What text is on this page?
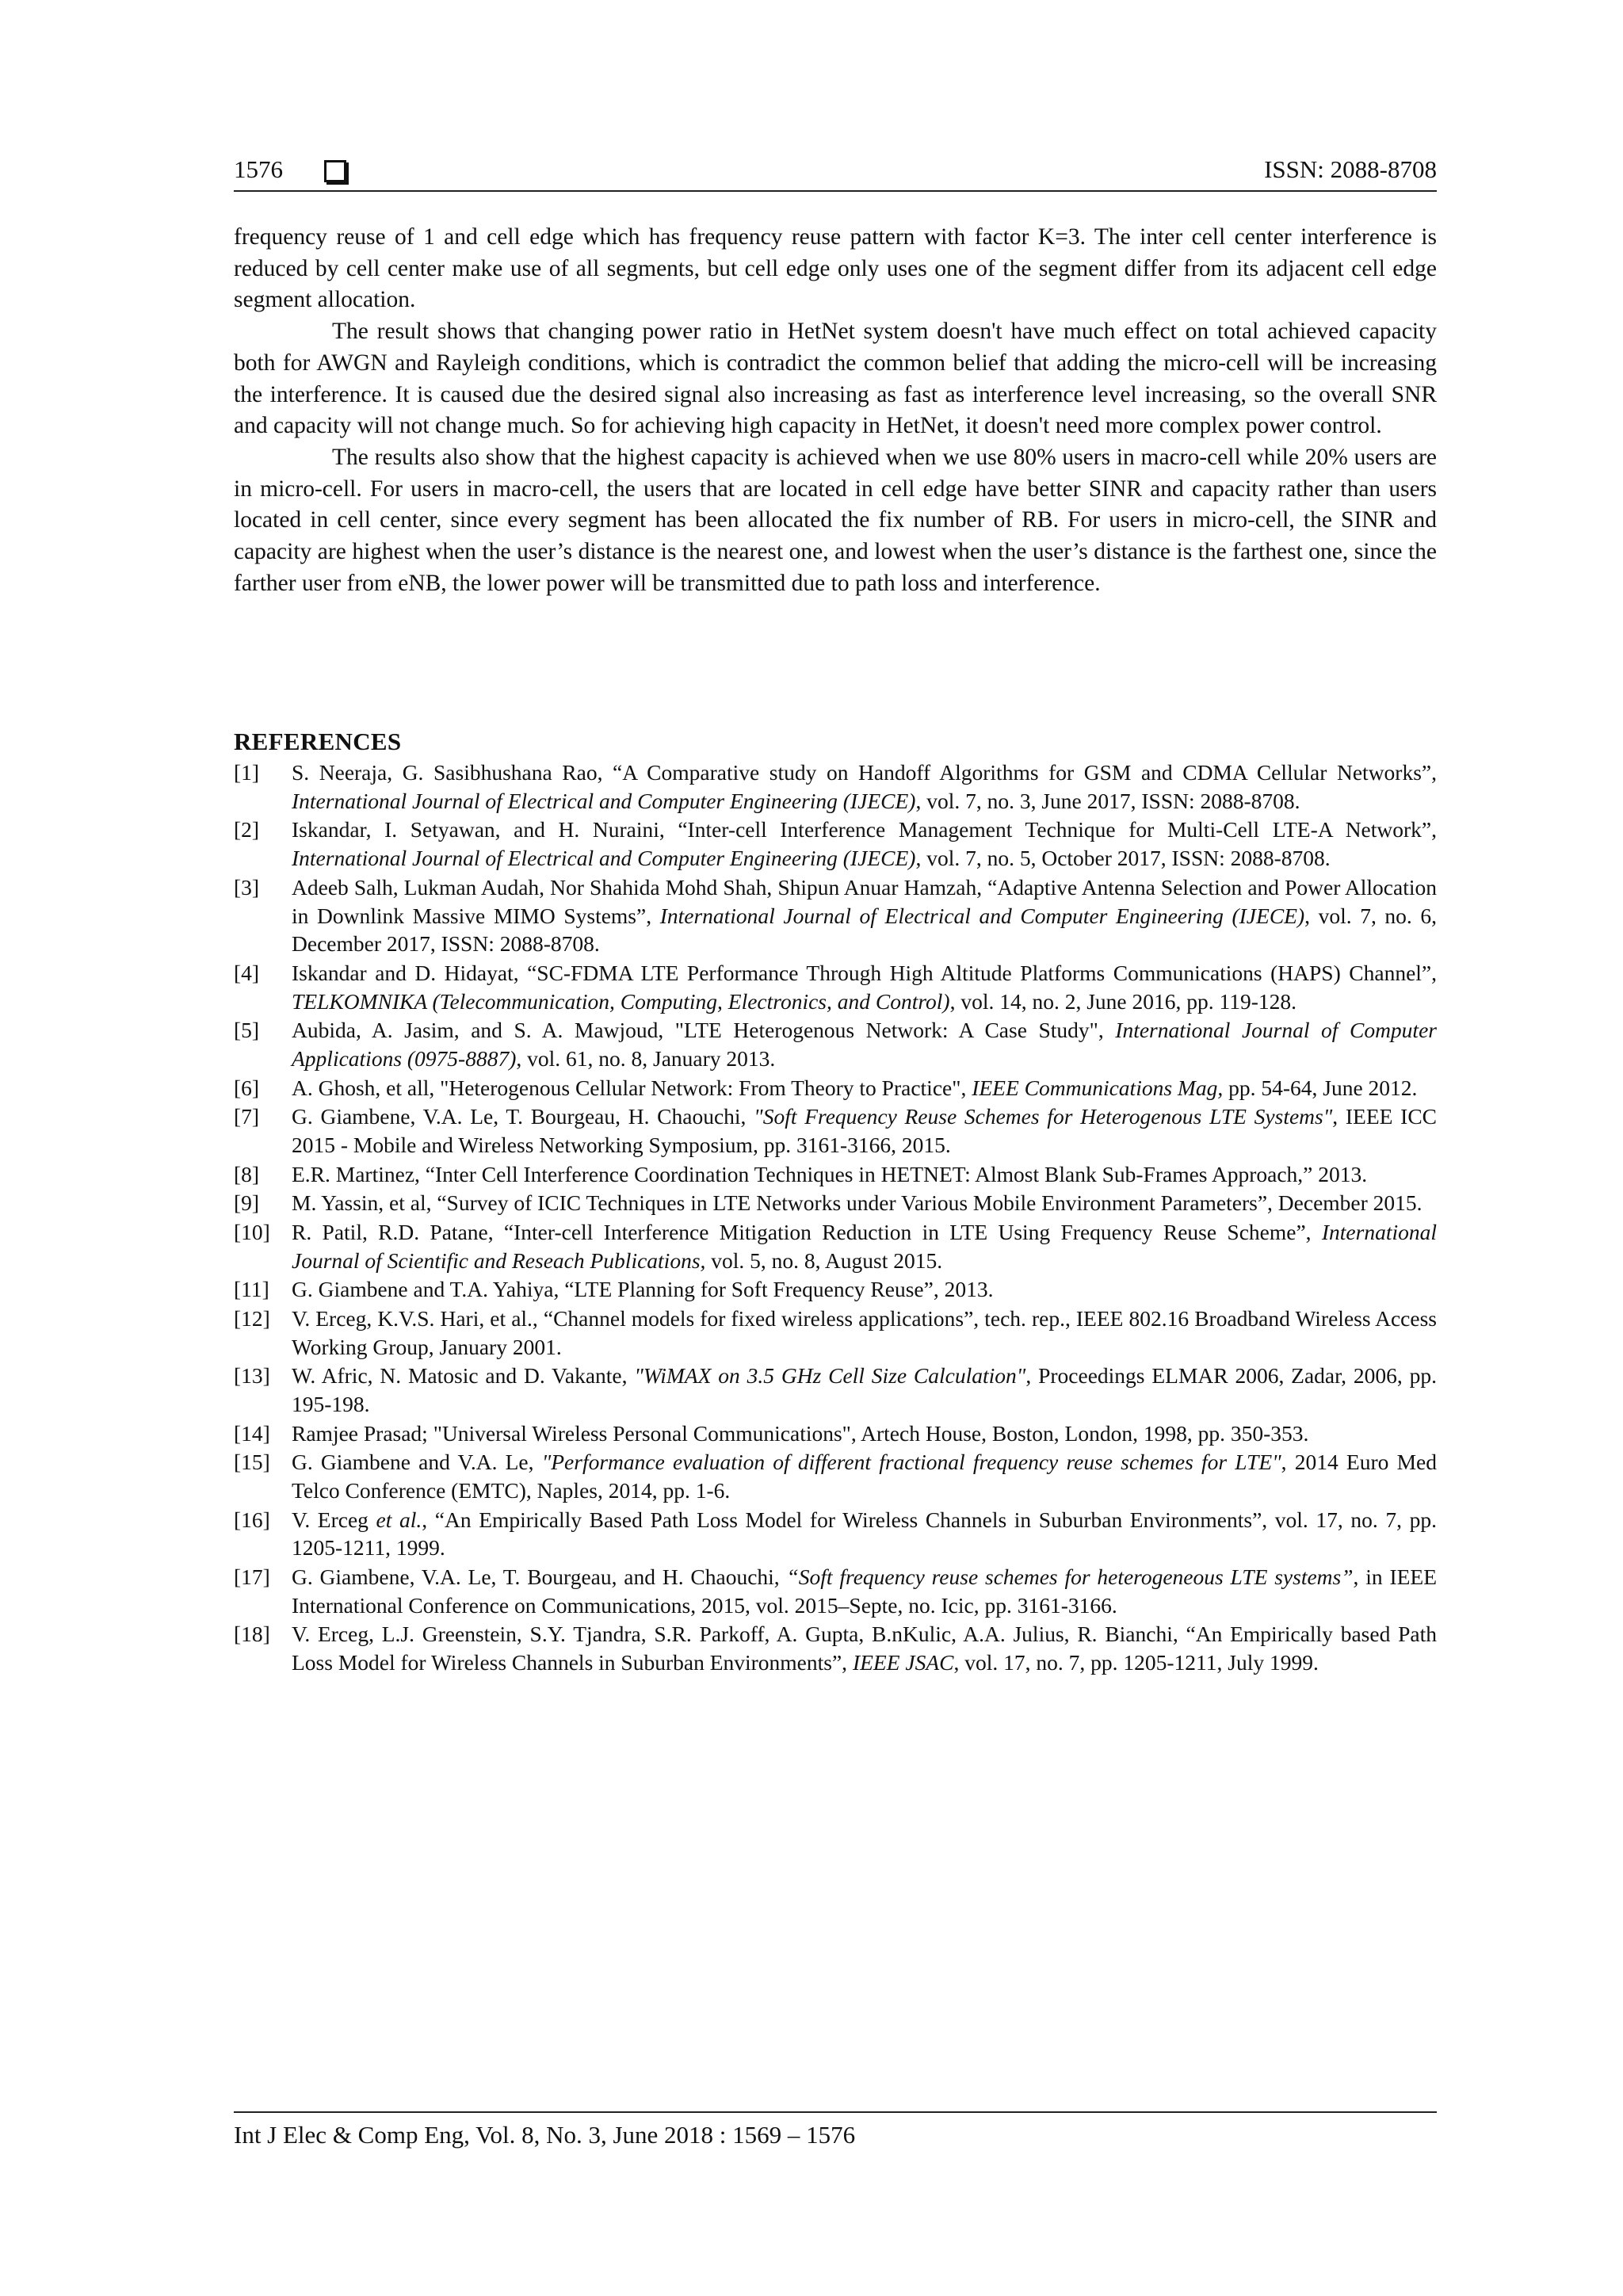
1576	ISSN: 2088-8708

frequency reuse of 1 and cell edge which has frequency reuse pattern with factor K=3. The inter cell center interference is reduced by cell center make use of all segments, but cell edge only uses one of the segment differ from its adjacent cell edge segment allocation.

The result shows that changing power ratio in HetNet system doesn't have much effect on total achieved capacity both for AWGN and Rayleigh conditions, which is contradict the common belief that adding the micro-cell will be increasing the interference. It is caused due the desired signal also increasing as fast as interference level increasing, so the overall SNR and capacity will not change much. So for achieving high capacity in HetNet, it doesn't need more complex power control.

The results also show that the highest capacity is achieved when we use 80% users in macro-cell while 20% users are in micro-cell. For users in macro-cell, the users that are located in cell edge have better SINR and capacity rather than users located in cell center, since every segment has been allocated the fix number of RB. For users in micro-cell, the SINR and capacity are highest when the user’s distance is the nearest one, and lowest when the user’s distance is the farthest one, since the farther user from eNB, the lower power will be transmitted due to path loss and interference.

REFERENCES
[1]	S. Neeraja, G. Sasibhushana Rao, “A Comparative study on Handoff Algorithms for GSM and CDMA Cellular Networks”, International Journal of Electrical and Computer Engineering (IJECE), vol. 7, no. 3, June 2017, ISSN: 2088-8708.
[2]	Iskandar, I. Setyawan, and H. Nuraini, “Inter-cell Interference Management Technique for Multi-Cell LTE-A Network”, International Journal of Electrical and Computer Engineering (IJECE), vol. 7, no. 5, October 2017, ISSN: 2088-8708.
[3]	Adeeb Salh, Lukman Audah, Nor Shahida Mohd Shah, Shipun Anuar Hamzah, “Adaptive Antenna Selection and Power Allocation in Downlink Massive MIMO Systems”, International Journal of Electrical and Computer Engineering (IJECE), vol. 7, no. 6, December 2017, ISSN: 2088-8708.
[4]	Iskandar and D. Hidayat, “SC-FDMA LTE Performance Through High Altitude Platforms Communications (HAPS) Channel”, TELKOMNIKA (Telecommunication, Computing, Electronics, and Control), vol. 14, no. 2, June 2016, pp. 119-128.
[5]	Aubida, A. Jasim, and S. A. Mawjoud, "LTE Heterogenous Network: A Case Study", International Journal of Computer Applications (0975-8887), vol. 61, no. 8, January 2013.
[6]	A. Ghosh, et all, "Heterogenous Cellular Network: From Theory to Practice", IEEE Communications Mag, pp. 54-64, June 2012.
[7]	G. Giambene, V.A. Le, T. Bourgeau, H. Chaouchi, "Soft Frequency Reuse Schemes for Heterogenous LTE Systems", IEEE ICC 2015 - Mobile and Wireless Networking Symposium, pp. 3161-3166, 2015.
[8]	E.R. Martinez, “Inter Cell Interference Coordination Techniques in HETNET: Almost Blank Sub-Frames Approach,” 2013.
[9]	M. Yassin, et al, “Survey of ICIC Techniques in LTE Networks under Various Mobile Environment Parameters”, December 2015.
[10] R. Patil, R.D. Patane, “Inter-cell Interference Mitigation Reduction in LTE Using Frequency Reuse Scheme”, International Journal of Scientific and Reseach Publications, vol. 5, no. 8, August 2015.
[11]	G. Giambene and T.A. Yahiya, “LTE Planning for Soft Frequency Reuse”, 2013.
[12] V. Erceg, K.V.S. Hari, et al., “Channel models for fixed wireless applications”, tech. rep., IEEE 802.16 Broadband Wireless Access Working Group, January 2001.
[13] W. Afric, N. Matosic and D. Vakante, "WiMAX on 3.5 GHz Cell Size Calculation", Proceedings ELMAR 2006, Zadar, 2006, pp. 195-198.
[14] Ramjee Prasad; "Universal Wireless Personal Communications", Artech House, Boston, London, 1998, pp. 350-353.
[15] G. Giambene and V.A. Le, "Performance evaluation of different fractional frequency reuse schemes for LTE", 2014 Euro Med Telco Conference (EMTC), Naples, 2014, pp. 1-6.
[16] V. Erceg et al., “An Empirically Based Path Loss Model for Wireless Channels in Suburban Environments”, vol. 17, no. 7, pp. 1205-1211, 1999.
[17] G. Giambene, V.A. Le, T. Bourgeau, and H. Chaouchi, “Soft frequency reuse schemes for heterogeneous LTE systems”, in IEEE International Conference on Communications, 2015, vol. 2015–Septe, no. Icic, pp. 3161-3166.
[18] V. Erceg, L.J. Greenstein, S.Y. Tjandra, S.R. Parkoff, A. Gupta, B.nKulic, A.A. Julius, R. Bianchi, “An Empirically based Path Loss Model for Wireless Channels in Suburban Environments”, IEEE JSAC, vol. 17, no. 7, pp. 1205-1211, July 1999.
Int J Elec & Comp Eng, Vol. 8, No. 3, June 2018 : 1569 – 1576
